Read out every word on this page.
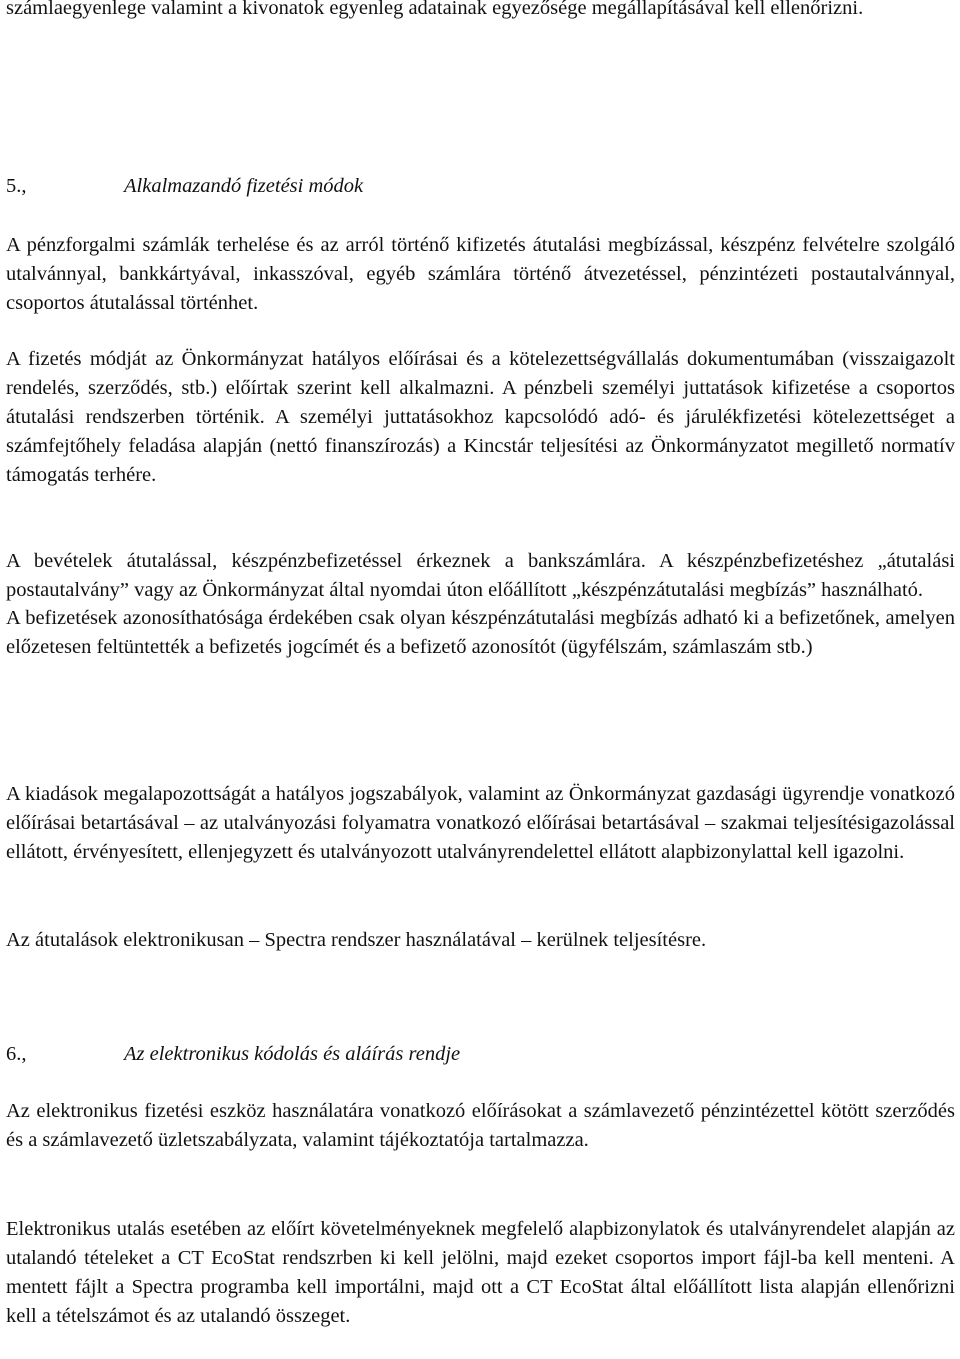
számlaegyenlege valamint a kivonatok egyenleg adatainak egyezősége megállapításával kell ellenőrizni.

5.,	Alkalmazandó fizetési módok

A pénzforgalmi számlák terhelése és az arról történő kifizetés átutalási megbízással, készpénz felvételre szolgáló utalvánnyal, bankkártyával, inkasszóval, egyéb számlára történő átvezetéssel, pénzintézeti postautalvánnyal, csoportos átutalással történhet.

A fizetés módját az Önkormányzat hatályos előírásai és a kötelezettségvállalás dokumentumában (visszaigazolt rendelés, szerződés, stb.) előírtak szerint kell alkalmazni. A pénzbeli személyi juttatások kifizetése a csoportos átutalási rendszerben történik. A személyi juttatásokhoz kapcsolódó adó- és járulékfizetési kötelezettséget a számfejtőhely feladása alapján (nettó finanszírozás) a Kincstár teljesítési az Önkormányzatot megillető normatív támogatás terhére.

A bevételek átutalással, készpénzbefizetéssel érkeznek a bankszámlára. A készpénzbefizetéshez „átutalási postautalvány” vagy az Önkormányzat által nyomdai úton előállított „készpénzátutalási megbízás” használható.

A befizetések azonosíthatósága érdekében csak olyan készpénzátutalási megbízás adható ki a befizetőnek, amelyen előzetesen feltüntették a befizetés jogcímét és a befizető azonosítót (ügyfélszám, számlaszám stb.)

A kiadások megalapozottságát a hatályos jogszabályok, valamint az Önkormányzat gazdasági ügyrendje vonatkozó előírásai betartásával – az utalványozási folyamatra vonatkozó előírásai betartásával – szakmai teljesítésigazolással ellátott, érvényesített, ellenjegyzett és utalványozott utalványrendelettel ellátott alapbizonylattal kell igazolni.

Az átutalások elektronikusan – Spectra rendszer használatával – kerülnek teljesítésre.

6.,	Az elektronikus kódolás és aláírás rendje

Az elektronikus fizetési eszköz használatára vonatkozó előírásokat a számlavezető pénzintézettel kötött szerződés és a számlavezető üzletszabályzata, valamint tájékoztatója tartalmazza.

Elektronikus utalás esetében az előírt követelményeknek megfelelő alapbizonylatok és utalványrendelet alapján az utalandó tételeket a CT EcoStat rendszrben ki kell jelölni, majd ezeket csoportos import fájl-ba kell menteni. A mentett fájlt a Spectra programba kell importálni, majd ott a CT EcoStat által előállított lista alapján ellenőrizni kell a tételszámot és az utalandó összeget.
